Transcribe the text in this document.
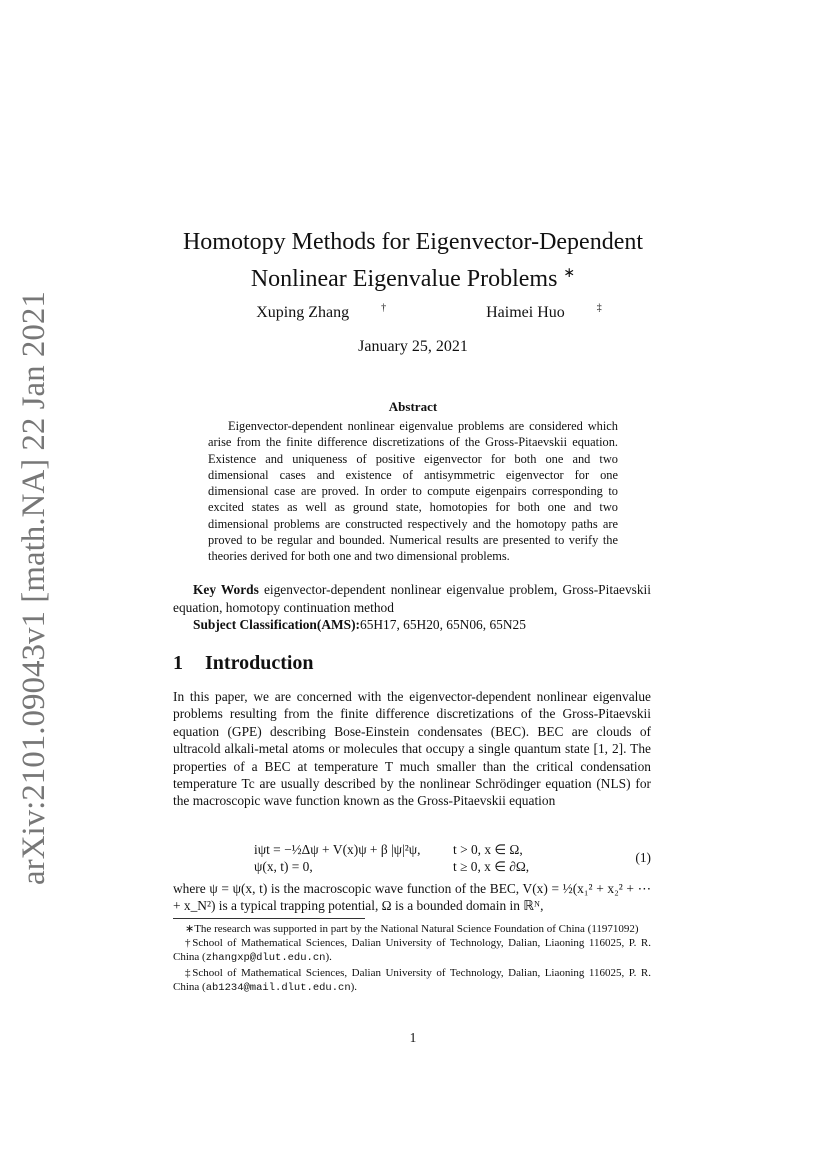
arXiv:2101.09043v1 [math.NA] 22 Jan 2021
Homotopy Methods for Eigenvector-Dependent
Nonlinear Eigenvalue Problems ∗
Xuping Zhang	†	Haimei Huo	‡
January 25, 2021
Abstract
Eigenvector-dependent nonlinear eigenvalue problems are considered which arise from the finite difference discretizations of the Gross-Pitaevskii equation. Existence and uniqueness of positive eigenvector for both one and two dimensional cases and existence of antisymmetric eigenvector for one dimensional case are proved. In order to compute eigenpairs corresponding to excited states as well as ground state, homotopies for both one and two dimensional problems are constructed respectively and the homotopy paths are proved to be regular and bounded. Numerical results are presented to verify the theories derived for both one and two dimensional problems.

Key Words eigenvector-dependent nonlinear eigenvalue problem, Gross-Pitaevskii equation, homotopy continuation method

Subject Classification(AMS):65H17, 65H20, 65N06, 65N25

1 Introduction
In this paper, we are concerned with the eigenvector-dependent nonlinear eigenvalue problems resulting from the finite difference discretizations of the Gross-Pitaevskii equation (GPE) describing Bose-Einstein condensates (BEC). BEC are clouds of ultracold alkali-metal atoms or molecules that occupy a single quantum state [1, 2]. The properties of a BEC at temperature T much smaller than the critical condensation temperature Tc are usually described by the nonlinear Schrödinger equation (NLS) for the macroscopic wave function known as the Gross-Pitaevskii equation
iψt = −½Δψ + V(x)ψ + β |ψ|²ψ, t > 0, x ∈ Ω,
ψ(x, t) = 0,	t ≥ 0, x ∈ ∂Ω,
(1)
where ψ = ψ(x, t) is the macroscopic wave function of the BEC, V(x) = ½(x₁² + x₂² + ⋯ + x_N²) is a typical trapping potential, Ω is a bounded domain in ℝᴺ,

∗The research was supported in part by the National Natural Science Foundation of China (11971092)

†School of Mathematical Sciences, Dalian University of Technology, Dalian, Liaoning 116025, P. R. China (zhangxp@dlut.edu.cn).

‡School of Mathematical Sciences, Dalian University of Technology, Dalian, Liaoning 116025, P. R. China (ab1234@mail.dlut.edu.cn).

1
